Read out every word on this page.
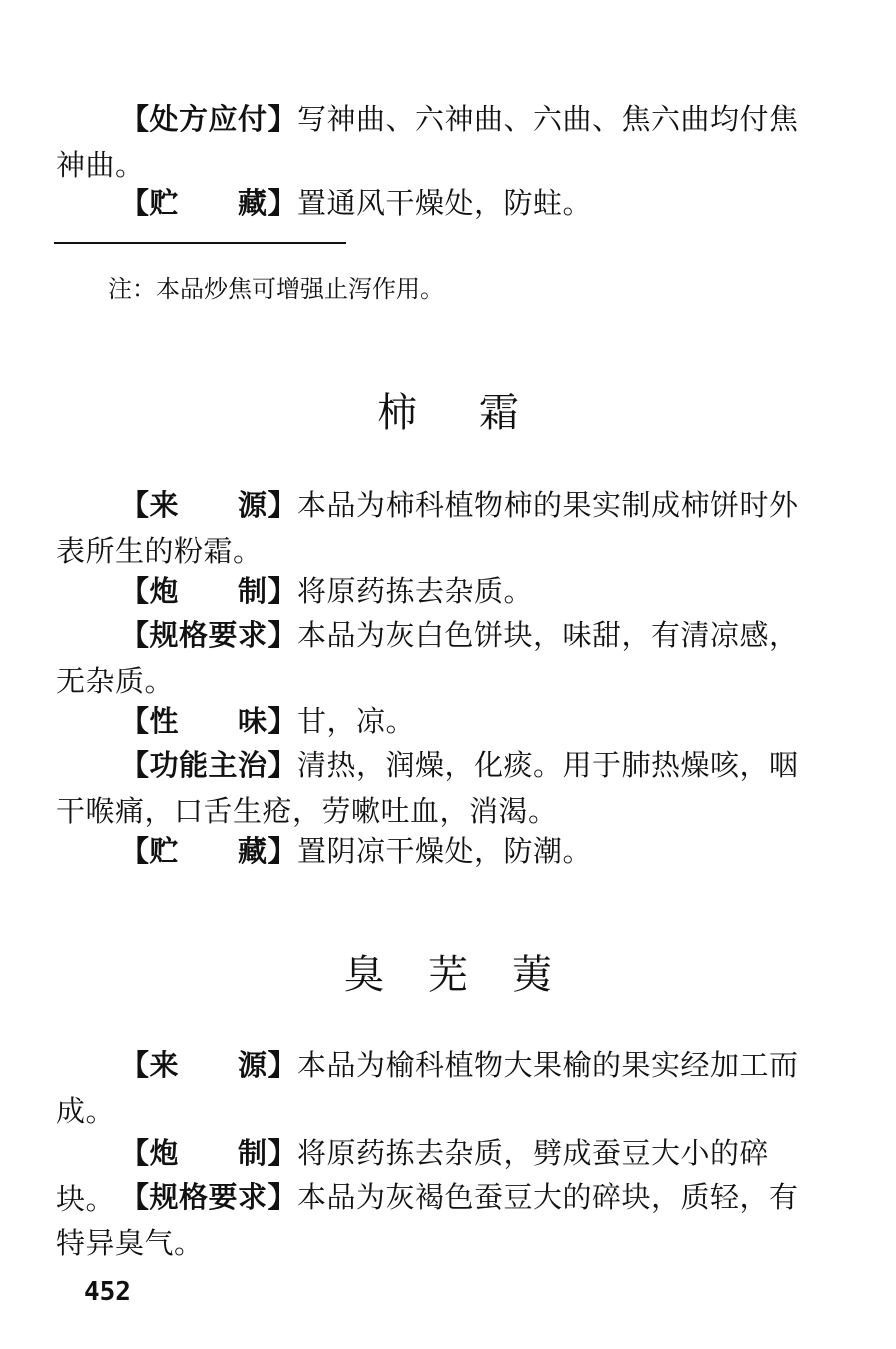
【处方应付】写神曲、六神曲、六曲、焦六曲均付焦神曲。

【贮　　藏】置通风干燥处，防蛀。

注：本品炒焦可增强止泻作用。
柿 霜

【来　　源】本品为柿科植物柿的果实制成柿饼时外表所生的粉霜。

【炮　　制】将原药拣去杂质。

【规格要求】本品为灰白色饼块，味甜，有清凉感，无杂质。

【性　　味】甘，凉。

【功能主治】清热，润燥，化痰。用于肺热燥咳，咽干喉痛，口舌生疮，劳嗽吐血，消渴。

【贮　　藏】置阴凉干燥处，防潮。

臭 芜 荑

【来　　源】本品为榆科植物大果榆的果实经加工而成。

【炮　　制】将原药拣去杂质，劈成蚕豆大小的碎块。 【规格要求】本品为灰褐色蚕豆大的碎块，质轻，有特异臭气。

452
